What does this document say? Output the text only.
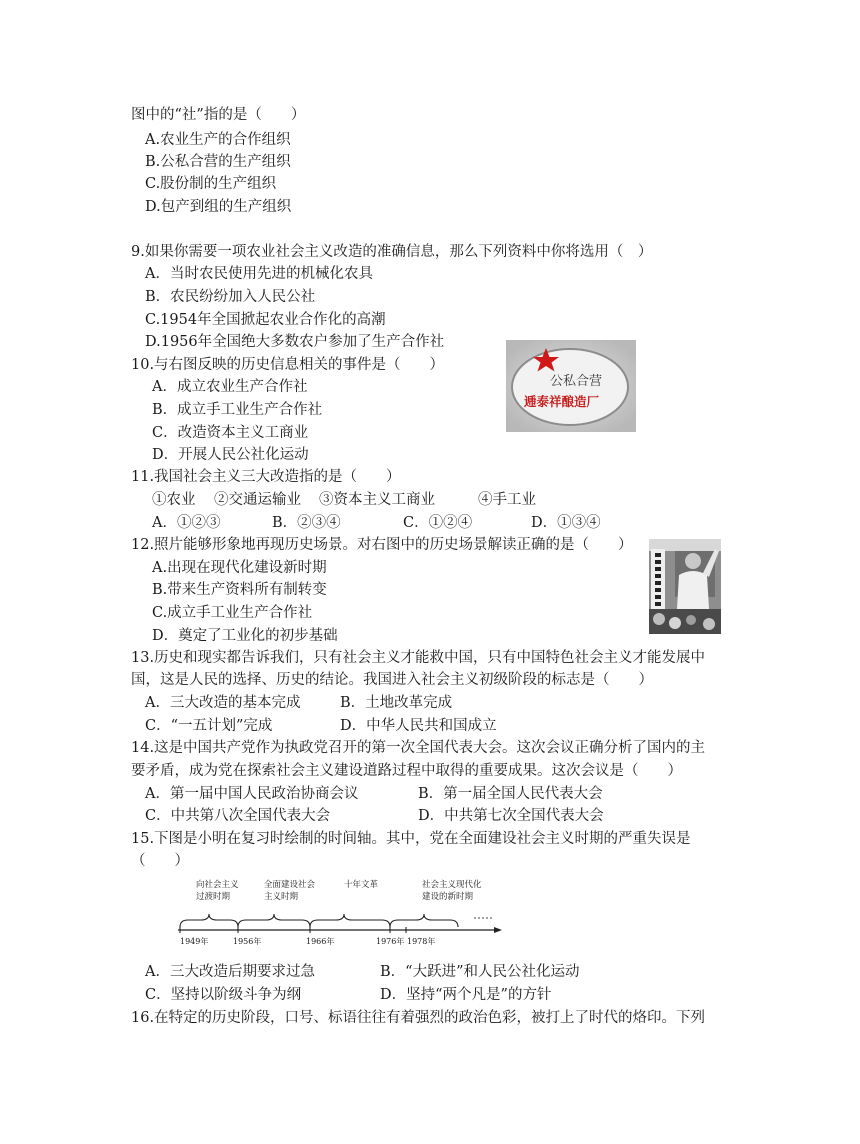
图中的“社”指的是（　　）
A.农业生产的合作组织
B.公私合营的生产组织
C.股份制的生产组织
D.包产到组的生产组织
9.如果你需要一项农业社会主义改造的准确信息，那么下列资料中你将选用（　）
A．当时农民使用先进的机械化农具
B．农民纷纷加入人民公社
C.1954年全国掀起农业合作化的高潮
D.1956年全国绝大多数农户参加了生产合作社
10.与右图反映的历史信息相关的事件是（　　）
A．成立农业生产合作社
B．成立手工业生产合作社
C．改造资本主义工商业
D．开展人民公社化运动
公私合营
逓泰祥酿造厂
11.我国社会主义三大改造指的是（　　）
①农业 ②交通运输业 ③资本主义工商业	④手工业
A．①②③	B．②③④	C．①②④	D．①③④
12.照片能够形象地再现历史场景。对右图中的历史场景解读正确的是（　　）
A.出现在现代化建设新时期
B.带来生产资料所有制转变
C.成立手工业生产合作社
D．奠定了工业化的初步基础
13.历史和现实都告诉我们，只有社会主义才能救中国，只有中国特色社会主义才能发展中
国，这是人民的选择、历史的结论。我国进入社会主义初级阶段的标志是（　　）
A．三大改造的基本完成	B．土地改革完成
C．“一五计划”完成	D．中华人民共和国成立
14.这是中国共产党作为执政党召开的第一次全国代表大会。这次会议正确分析了国内的主
要矛盾，成为党在探索社会主义建设道路过程中取得的重要成果。这次会议是（　　）
A．第一届中国人民政治协商会议	B．第一届全国人民代表大会
C．中共第八次全国代表大会	D．中共第七次全国代表大会
15.下图是小明在复习时绘制的时间轴。其中，党在全面建设社会主义时期的严重失误是
（　　）
向社会主义
过渡时期
全面建设社会
主义时期
十年文革	社会主义现代化
建设的新时期
1949年	1956年	1966年	1976年 1978年
A．三大改造后期要求过急	B．“大跃进”和人民公社化运动
C．坚持以阶级斗争为纲	D．坚持“两个凡是”的方针
16.在特定的历史阶段，口号、标语往往有着强烈的政治色彩，被打上了时代的烙印。下列
